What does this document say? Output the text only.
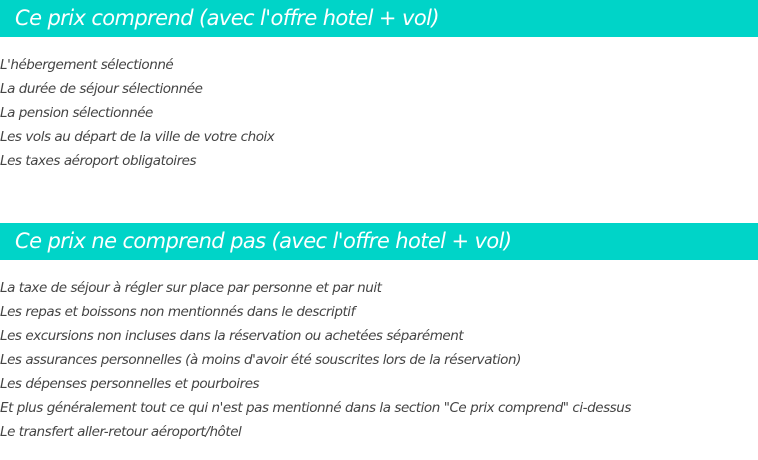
Ce prix comprend (avec l'offre hotel + vol)
L'hébergement sélectionné
La durée de séjour sélectionnée
La pension sélectionnée
Les vols au départ de la ville de votre choix
Les taxes aéroport obligatoires
Ce prix ne comprend pas (avec l'offre hotel + vol)
La taxe de séjour à régler sur place par personne et par nuit
Les repas et boissons non mentionnés dans le descriptif
Les excursions non incluses dans la réservation ou achetées séparément
Les assurances personnelles (à moins d'avoir été souscrites lors de la réservation)
Les dépenses personnelles et pourboires
Et plus généralement tout ce qui n'est pas mentionné dans la section "Ce prix comprend" ci-dessus
Le transfert aller-retour aéroport/hôtel
